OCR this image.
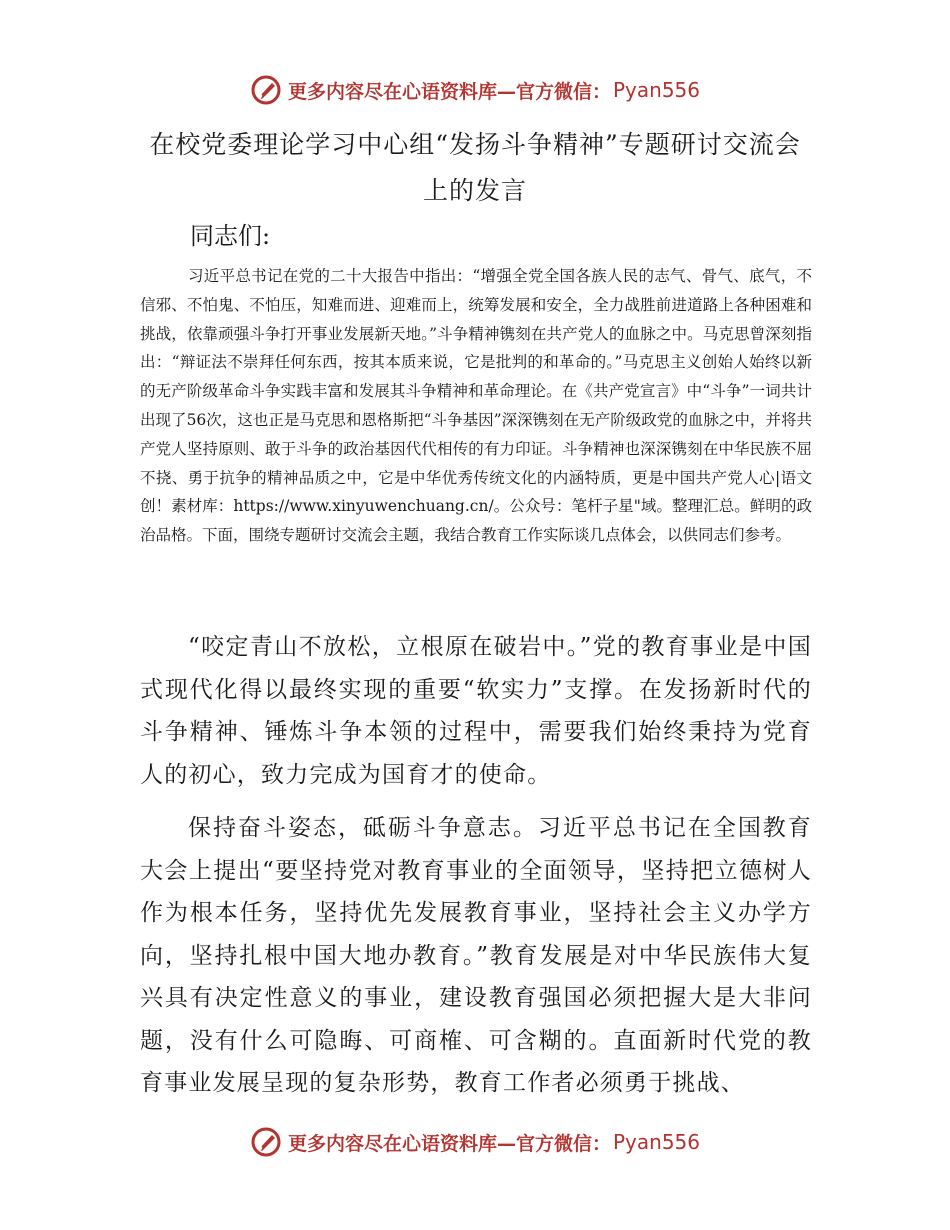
更多内容尽在心语资料库—官方微信： Pyan556
在校党委理论学习中心组“发扬斗争精神”专题研讨交流会上的发言

同志们:

习近平总书记在党的二十大报告中指出：“增强全党全国各族人民的志气、骨气、底气，不信邪、不怕鬼、不怕压，知难而进、迎难而上，统筹发展和安全，全力战胜前进道路上各种困难和挑战，依靠顽强斗争打开事业发展新天地。”斗争精神镌刻在共产党人的血脉之中。马克思曾深刻指出：“辩证法不崇拜任何东西，按其本质来说，它是批判的和革命的。”马克思主义创始人始终以新的无产阶级革命斗争实践丰富和发展其斗争精神和革命理论。在《共产党宣言》中“斗争”一词共计出现了56次，这也正是马克思和恩格斯把“斗争基因”深深镌刻在无产阶级政党的血脉之中，并将共产党人坚持原则、敢于斗争的政治基因代代相传的有力印证。斗争精神也深深镌刻在中华民族不屈不挠、勇于抗争的精神品质之中，它是中华优秀传统文化的内涵特质，更是中国共产党人心|语文创！素材库：https://www.xinyuwenchuang.cn/。公众号：笔杆子星"域。整理汇总。鲜明的政治品格。下面，围绕专题研讨交流会主题，我结合教育工作实际谈几点体会，以供同志们参考。

“咬定青山不放松，立根原在破岩中。”党的教育事业是中国式现代化得以最终实现的重要“软实力”支撑。在发扬新时代的斗争精神、锤炼斗争本领的过程中，需要我们始终秉持为党育人的初心，致力完成为国育才的使命。

保持奋斗姿态，砥砺斗争意志。习近平总书记在全国教育大会上提出“要坚持党对教育事业的全面领导，坚持把立德树人作为根本任务，坚持优先发展教育事业，坚持社会主义办学方向，坚持扎根中国大地办教育。”教育发展是对中华民族伟大复兴具有决定性意义的事业，建设教育强国必须把握大是大非问题，没有什么可隐晦、可商榷、可含糊的。直面新时代党的教育事业发展呈现的复杂形势，教育工作者必须勇于挑战、

更多内容尽在心语资料库—官方微信： Pyan556
